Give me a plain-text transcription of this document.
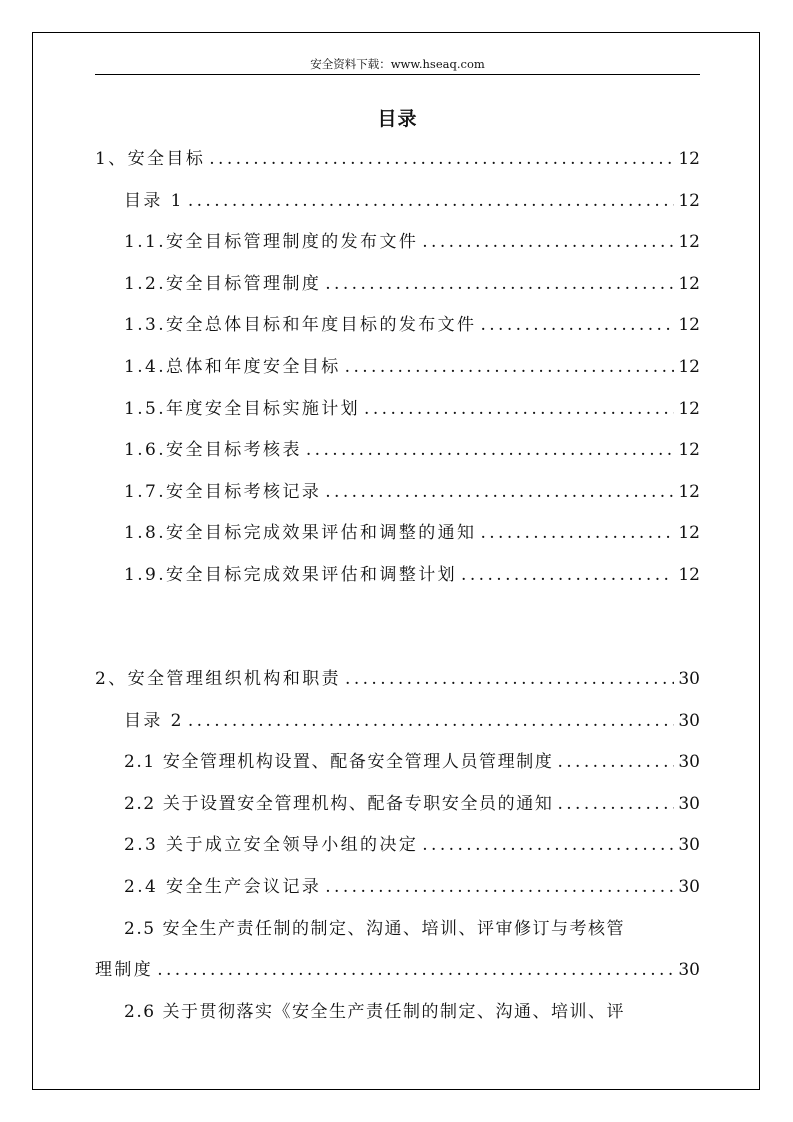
安全资料下载：www.hseaq.com
目录
1、安全目标 .....	12
目录 1 .....	12
1.1.安全目标管理制度的发布文件 .....	12
1.2.安全目标管理制度 .....	12
1.3.安全总体目标和年度目标的发布文件 .....	12
1.4.总体和年度安全目标 .....	12
1.5.年度安全目标实施计划 .....	12
1.6.安全目标考核表 .....	12
1.7.安全目标考核记录 .....	12
1.8.安全目标完成效果评估和调整的通知 .....	12
1.9.安全目标完成效果评估和调整计划 .....	12
2、安全管理组织机构和职责 .....	30
目录 2 .....	30
2.1 安全管理机构设置、配备安全管理人员管理制度 .....	30
2.2 关于设置安全管理机构、配备专职安全员的通知 .....	30
2.3 关于成立安全领导小组的决定 .....	30
2.4 安全生产会议记录 .....	30
2.5 安全生产责任制的制定、沟通、培训、评审修订与考核管
理制度 .....	30
2.6 关于贯彻落实《安全生产责任制的制定、沟通、培训、评
